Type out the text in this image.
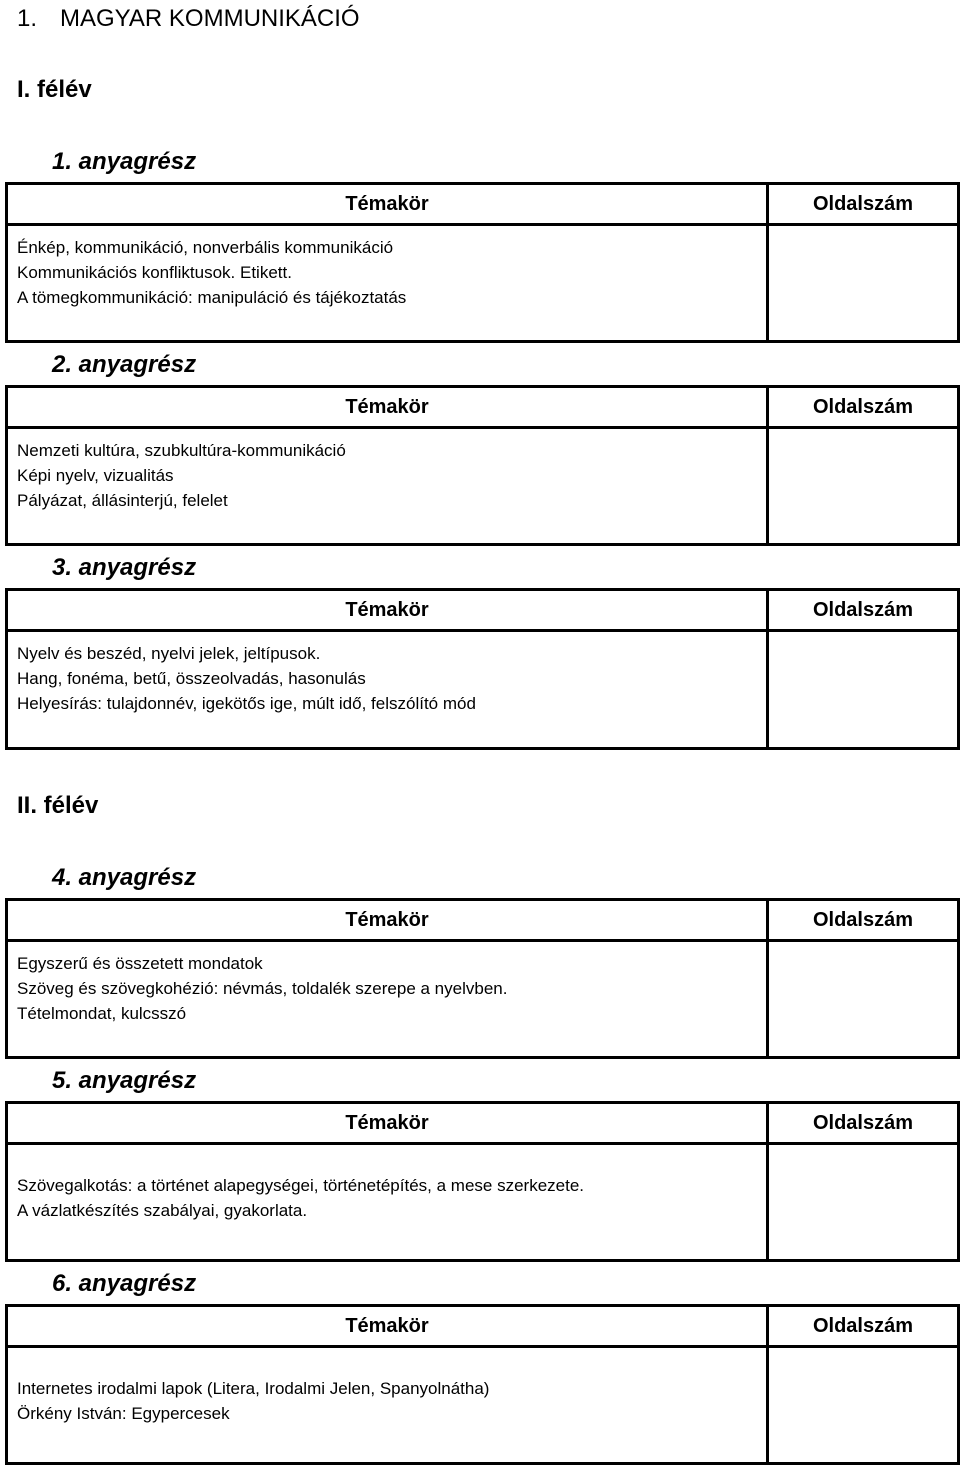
1. MAGYAR KOMMUNIKÁCIÓ
I. félév
1. anyagrész
Témakör	Oldalszám

Énkép, kommunikáció, nonverbális kommunikáció
Kommunikációs konfliktusok. Etikett.
A tömegkommunikáció: manipuláció és tájékoztatás	

2. anyagrész
Témakör	Oldalszám

Nemzeti kultúra, szubkultúra-kommunikáció
Képi nyelv, vizualitás
Pályázat, állásinterjú, felelet	

3. anyagrész
Témakör	Oldalszám

Nyelv és beszéd, nyelvi jelek, jeltípusok.
Hang, fonéma, betű, összeolvadás, hasonulás
Helyesírás: tulajdonnév, igekötős ige, múlt idő, felszólító mód	

II. félév
4. anyagrész
Témakör	Oldalszám

Egyszerű és összetett mondatok
Szöveg és szövegkohézió: névmás, toldalék szerepe a nyelvben.
Tételmondat, kulcsszó	

5. anyagrész
Témakör	Oldalszám

Szövegalkotás: a történet alapegységei, történetépítés, a mese szerkezete.
A vázlatkészítés szabályai, gyakorlata.	

6. anyagrész
Témakör	Oldalszám

Internetes irodalmi lapok (Litera, Irodalmi Jelen, Spanyolnátha)
Örkény István: Egypercesek	
